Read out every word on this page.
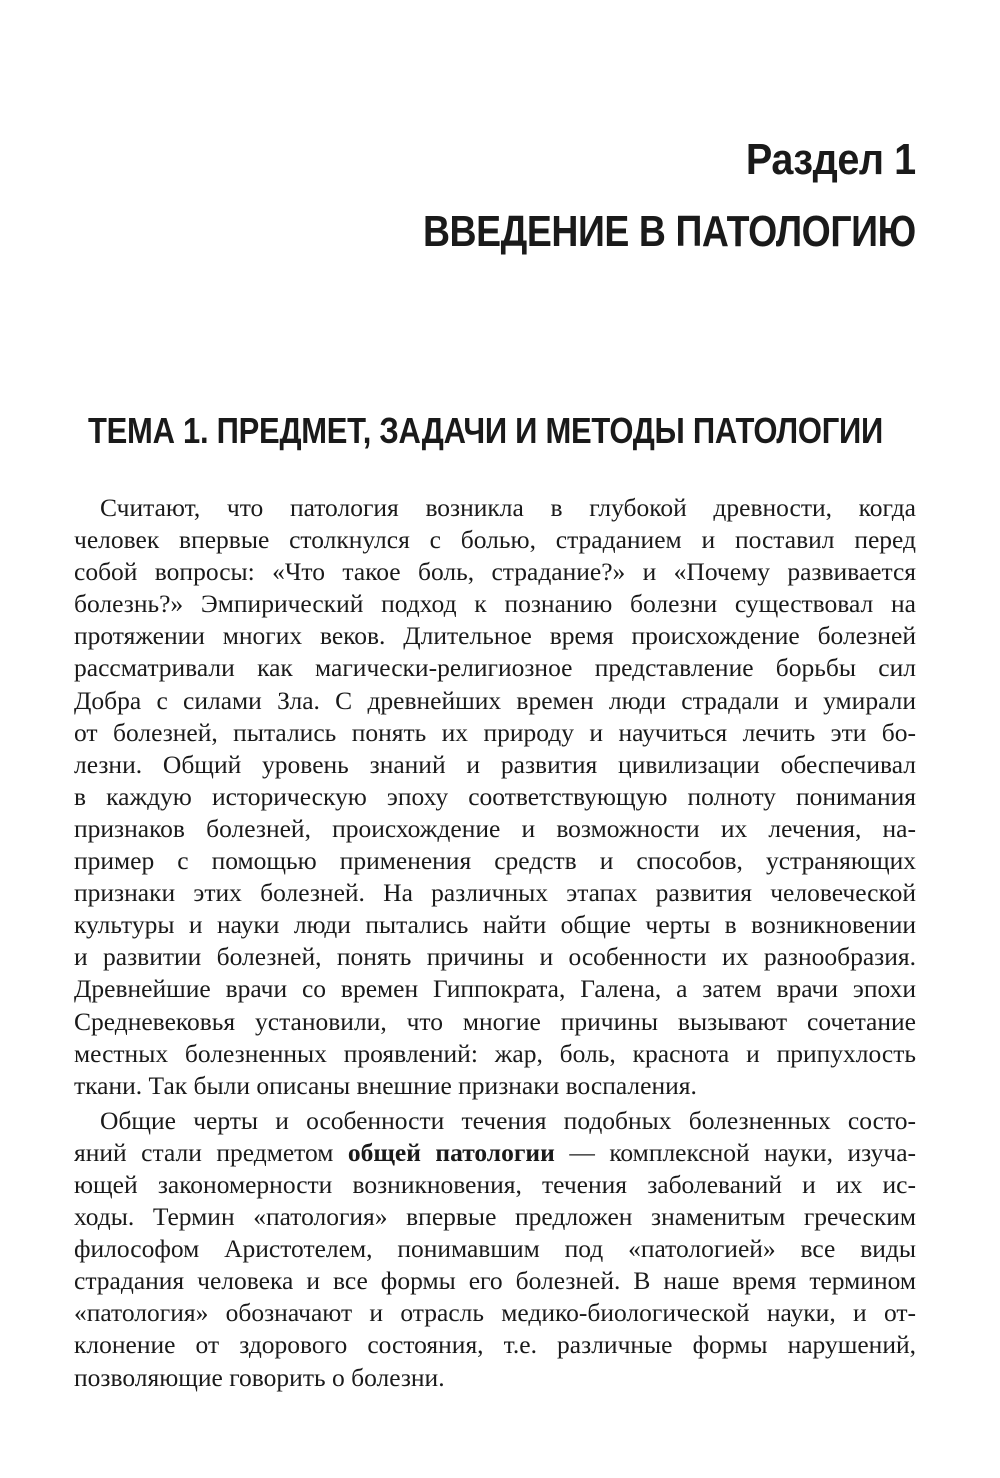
Раздел 1
ВВЕДЕНИЕ В ПАТОЛОГИЮ
ТЕМА 1. ПРЕДМЕТ, ЗАДАЧИ И МЕТОДЫ ПАТОЛОГИИ
Считают, что патология возникла в глубокой древности, когда
человек впервые столкнулся с болью, страданием и поставил перед
собой вопросы: «Что такое боль, страдание?» и «Почему развивается
болезнь?» Эмпирический подход к познанию болезни существовал на
протяжении многих веков. Длительное время происхождение болезней
рассматривали как магически-религиозное представление борьбы сил
Добра с силами Зла. С древнейших времен люди страдали и умирали
от болезней, пытались понять их природу и научиться лечить эти бо-
лезни. Общий уровень знаний и развития цивилизации обеспечивал
в каждую историческую эпоху соответствующую полноту понимания
признаков болезней, происхождение и возможности их лечения, на-
пример с помощью применения средств и способов, устраняющих
признаки этих болезней. На различных этапах развития человеческой
культуры и науки люди пытались найти общие черты в возникновении
и развитии болезней, понять причины и особенности их разнообразия.
Древнейшие врачи со времен Гиппократа, Галена, а затем врачи эпохи
Средневековья установили, что многие причины вызывают сочетание
местных болезненных проявлений: жар, боль, краснота и припухлость
ткани. Так были описаны внешние признаки воспаления.
Общие черты и особенности течения подобных болезненных состо-
яний стали предметом общей патологии — комплексной науки, изуча-
ющей закономерности возникновения, течения заболеваний и их ис-
ходы. Термин «патология» впервые предложен знаменитым греческим
философом Аристотелем, понимавшим под «патологией» все виды
страдания человека и все формы его болезней. В наше время термином
«патология» обозначают и отрасль медико-биологической науки, и от-
клонение от здорового состояния, т.е. различные формы нарушений,
позволяющие говорить о болезни.
